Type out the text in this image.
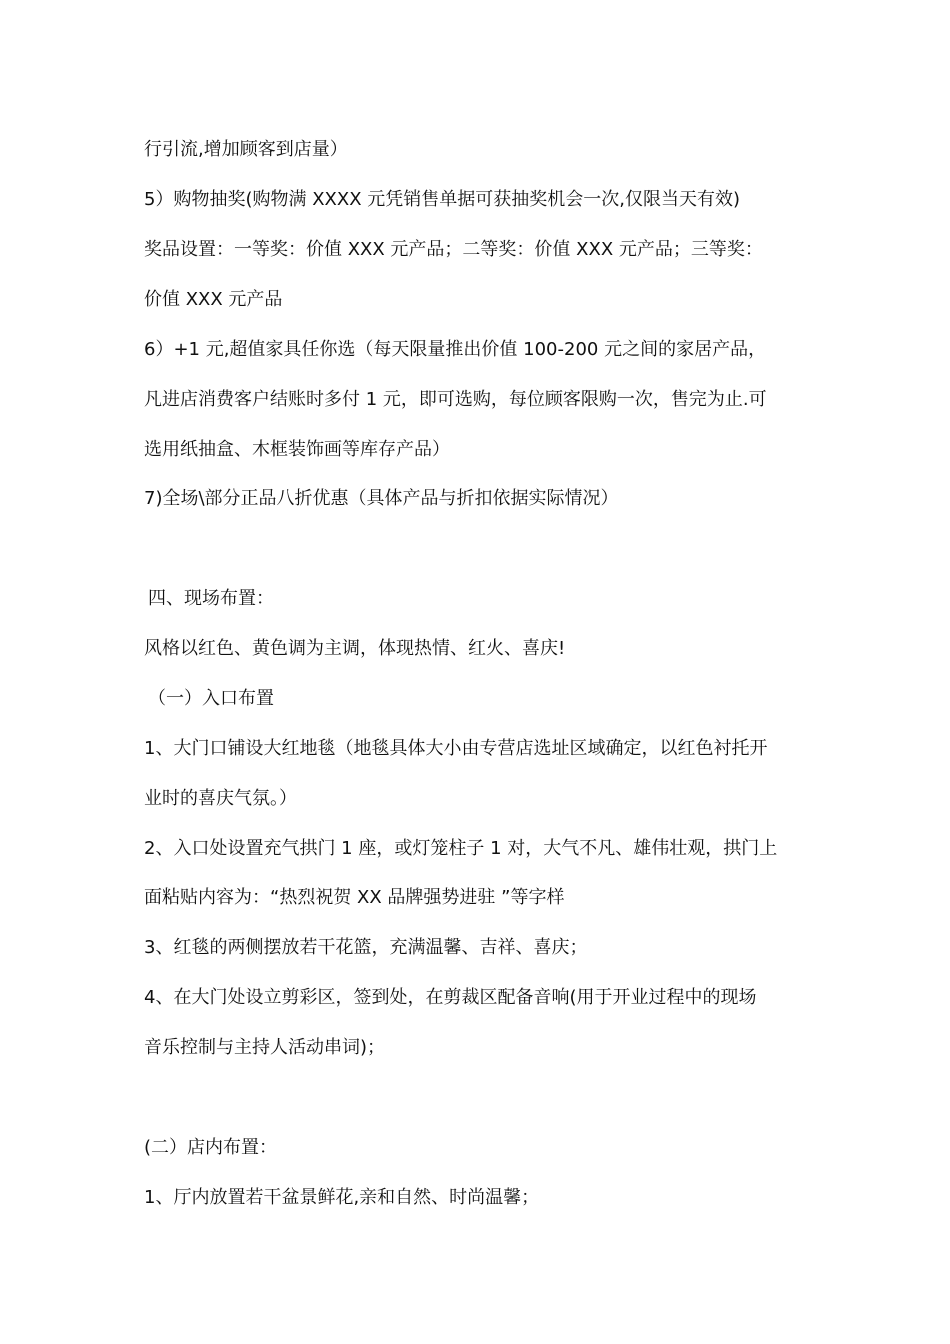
行引流,增加顾客到店量）
5）购物抽奖(购物满 XXXX 元凭销售单据可获抽奖机会一次,仅限当天有效)
奖品设置：一等奖：价值 XXX 元产品；二等奖：价值 XXX 元产品；三等奖：
价值 XXX 元产品
6）+1 元,超值家具任你选（每天限量推出价值 100-200 元之间的家居产品，
凡进店消费客户结账时多付 1 元，即可选购，每位顾客限购一次，售完为止.可
选用纸抽盒、木框装饰画等库存产品）
7)全场\部分正品八折优惠（具体产品与折扣依据实际情况）
四、现场布置：
风格以红色、黄色调为主调，体现热情、红火、喜庆!
（一）入口布置
1、大门口铺设大红地毯（地毯具体大小由专营店选址区域确定，以红色衬托开
业时的喜庆气氛。）
2、入口处设置充气拱门 1 座，或灯笼柱子 1 对，大气不凡、雄伟壮观，拱门上
面粘贴内容为：“热烈祝贺 XX 品牌强势进驻 ”等字样
3、红毯的两侧摆放若干花篮，充满温馨、吉祥、喜庆；
4、在大门处设立剪彩区，签到处，在剪裁区配备音响(用于开业过程中的现场
音乐控制与主持人活动串词)；
(二）店内布置：
1、厅内放置若干盆景鲜花,亲和自然、时尚温馨；
